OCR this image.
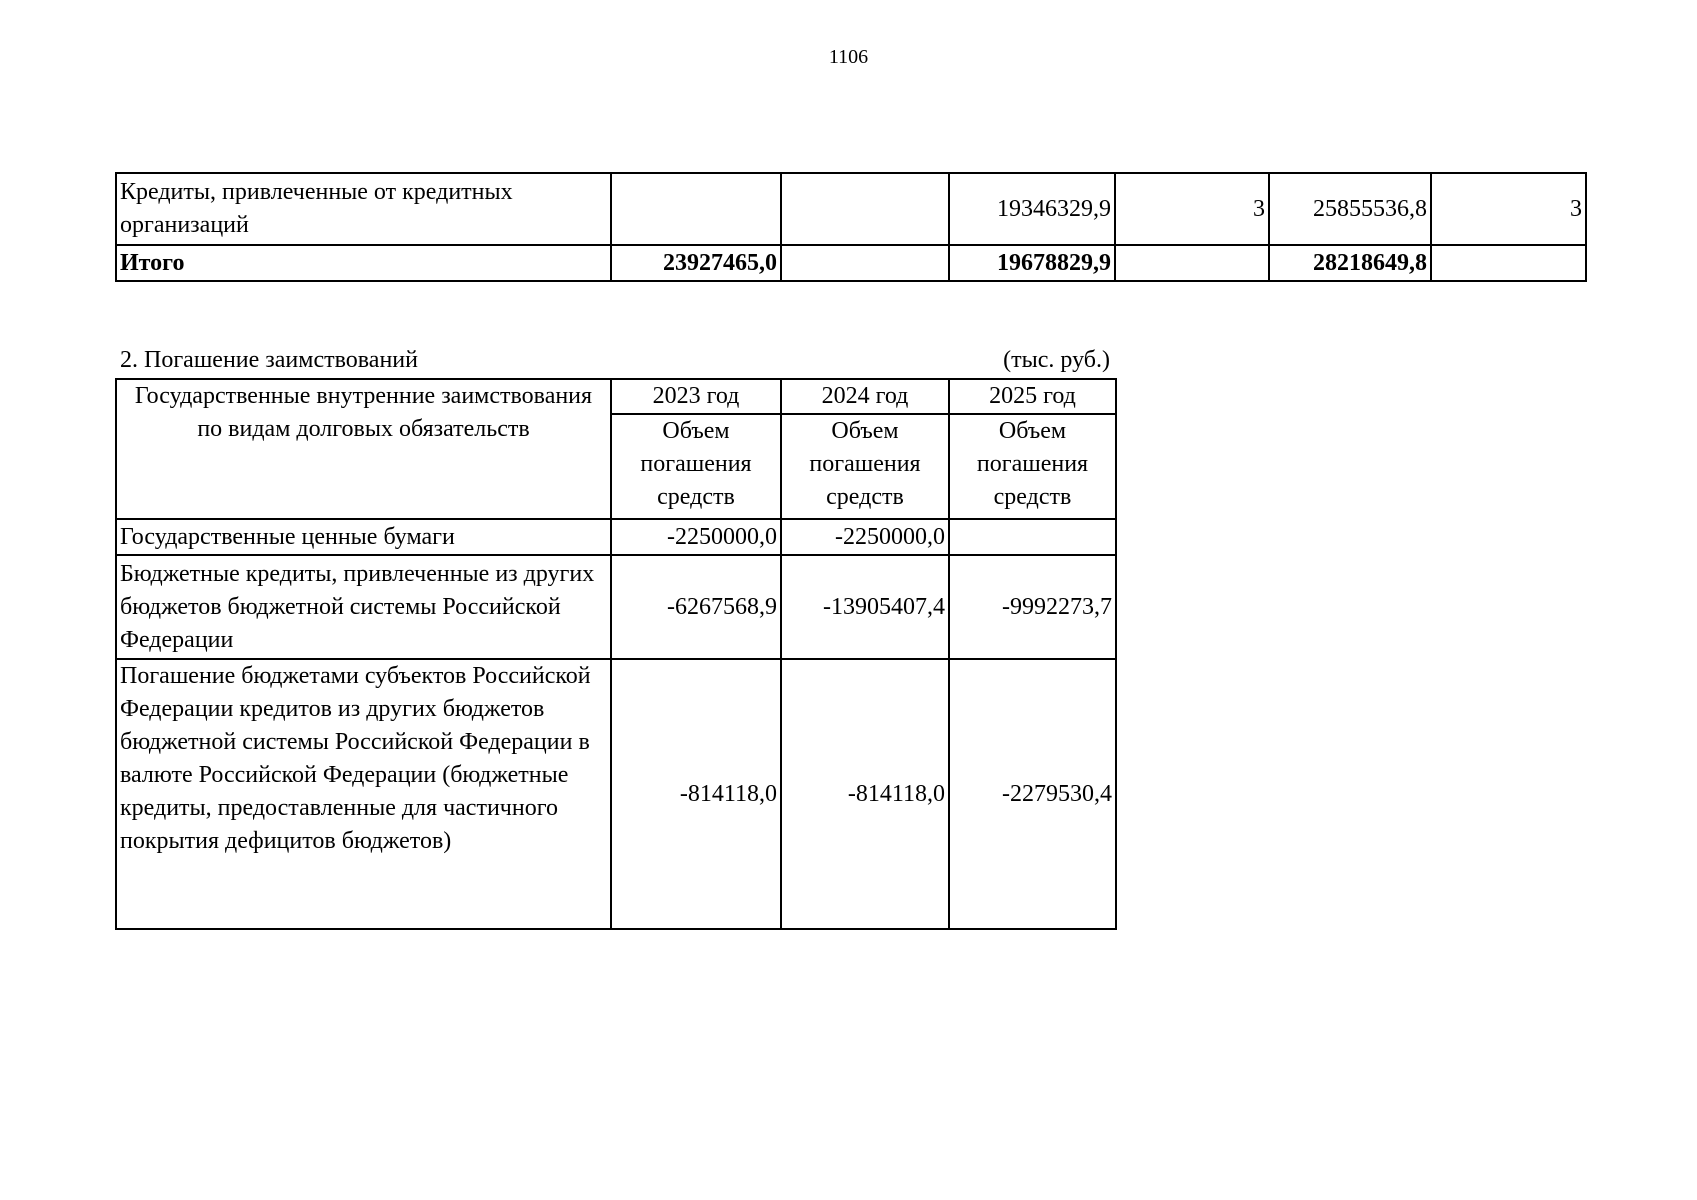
1106
Кредиты, привлеченные от кредитных организаций			19346329,9	3	25855536,8	3
Итого	23927465,0		19678829,9		28218649,8	
2. Погашение заимствований	(тыс. руб.)
Государственные внутренние заимствования по видам долговых обязательств	2023 год	2024 год	2025 год
	Объем погашения средств	Объем погашения средств	Объем погашения средств
Государственные ценные бумаги	-2250000,0	-2250000,0	
Бюджетные кредиты, привлеченные из других бюджетов бюджетной системы Российской Федерации	-6267568,9	-13905407,4	-9992273,7
Погашение бюджетами субъектов Российской Федерации кредитов из других бюджетов бюджетной системы Российской Федерации в валюте Российской Федерации (бюджетные кредиты, предоставленные для частичного покрытия дефицитов бюджетов)	-814118,0	-814118,0	-2279530,4
